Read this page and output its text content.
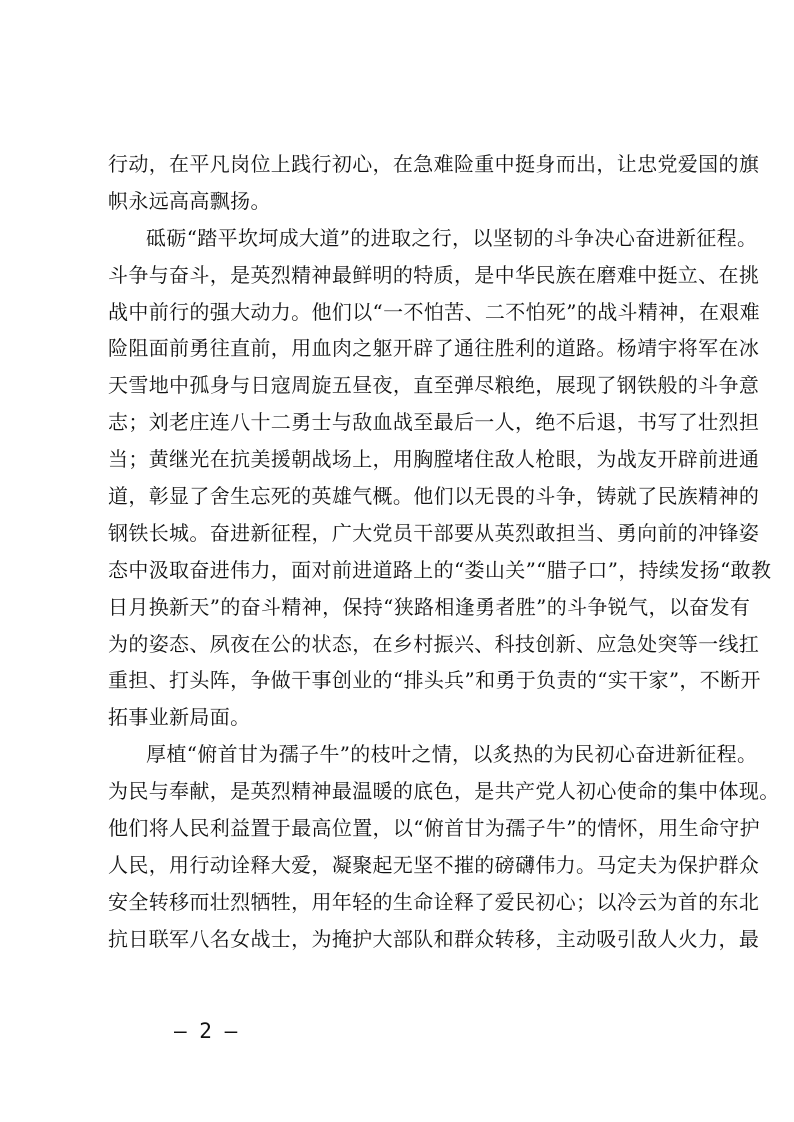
行动，在平凡岗位上践行初心，在急难险重中挺身而出，让忠党爱国的旗
帜永远高高飘扬。
砥砺“踏平坎坷成大道”的进取之行，以坚韧的斗争决心奋进新征程。
斗争与奋斗，是英烈精神最鲜明的特质，是中华民族在磨难中挺立、在挑
战中前行的强大动力。他们以“一不怕苦、二不怕死”的战斗精神，在艰难
险阻面前勇往直前，用血肉之躯开辟了通往胜利的道路。杨靖宇将军在冰
天雪地中孤身与日寇周旋五昼夜，直至弹尽粮绝，展现了钢铁般的斗争意
志；刘老庄连八十二勇士与敌血战至最后一人，绝不后退，书写了壮烈担
当；黄继光在抗美援朝战场上，用胸膛堵住敌人枪眼，为战友开辟前进通
道，彰显了舍生忘死的英雄气概。他们以无畏的斗争，铸就了民族精神的
钢铁长城。奋进新征程，广大党员干部要从英烈敢担当、勇向前的冲锋姿
态中汲取奋进伟力，面对前进道路上的“娄山关”“腊子口”，持续发扬“敢教
日月换新天”的奋斗精神，保持“狭路相逢勇者胜”的斗争锐气，以奋发有
为的姿态、夙夜在公的状态，在乡村振兴、科技创新、应急处突等一线扛
重担、打头阵，争做干事创业的“排头兵”和勇于负责的“实干家”，不断开
拓事业新局面。
厚植“俯首甘为孺子牛”的枝叶之情，以炙热的为民初心奋进新征程。
为民与奉献，是英烈精神最温暖的底色，是共产党人初心使命的集中体现。
他们将人民利益置于最高位置，以“俯首甘为孺子牛”的情怀，用生命守护
人民，用行动诠释大爱，凝聚起无坚不摧的磅礴伟力。马定夫为保护群众
安全转移而壮烈牺牲，用年轻的生命诠释了爱民初心；以冷云为首的东北
抗日联军八名女战士，为掩护大部队和群众转移，主动吸引敌人火力，最
— 2 —
